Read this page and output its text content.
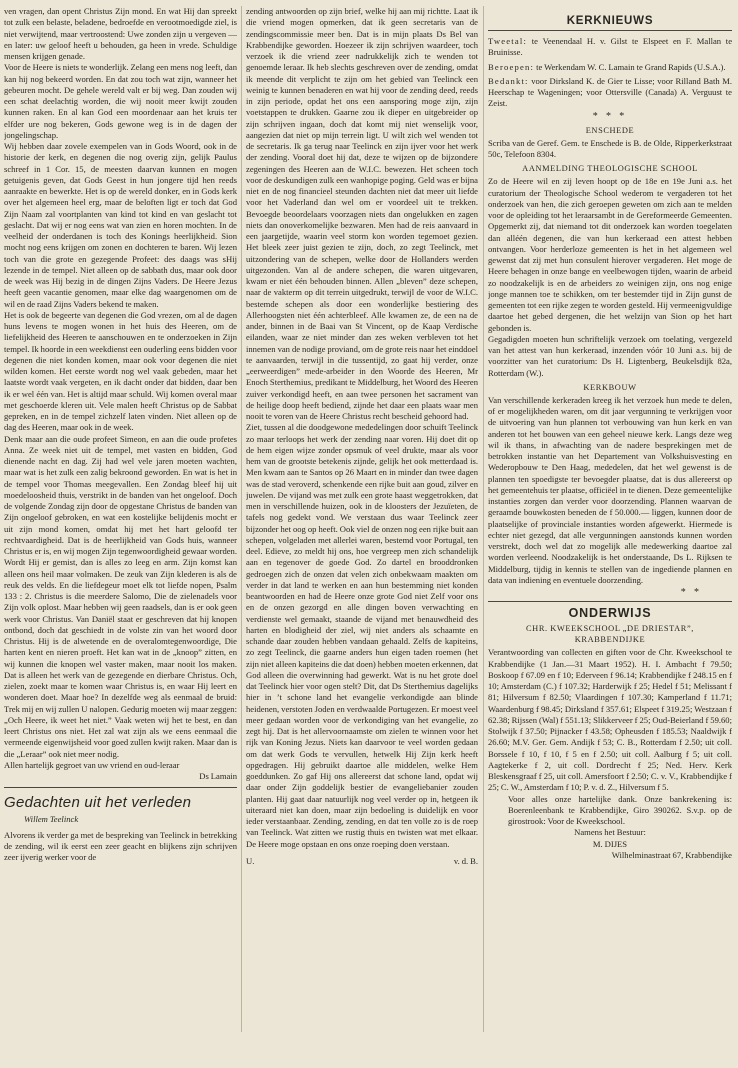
ven vragen, dan opent Christus Zijn mond. En wat Hij dan spreekt tot zulk een belaste, beladene, bedroefde en verootmoedigde ziel, is niet verwijtend, maar vertroostend: Uwe zonden zijn u vergeven — en later: uw geloof heeft u behouden, ga heen in vrede. Schuldige mensen krijgen genade.

Voor de Heere is niets te wonderlijk. Zelang een mens nog leeft, dan kan hij nog bekeerd worden. En dat zou toch wat zijn, wanneer het gebeuren mocht. De gehele wereld valt er bij weg. Dan zouden wij een schat deelachtig worden, die wij nooit meer kwijt zouden kunnen raken. En al kan God een moordenaar aan het kruis ter elfder ure nog bekeren, Gods gewone weg is in de dagen der jongelingschap.

Wij hebben daar zovele exempelen van in Gods Woord, ook in de historie der kerk, en degenen die nog overig zijn, gelijk Paulus schreef in 1 Cor. 15, de meesten daarvan kunnen en mogen getuigenis geven, dat Gods Geest in hun jongere tijd hen reeds aanraakte en bewerkte. Het is op de wereld donker, en in Gods kerk over het algemeen heel erg, maar de beloften ligt er toch dat God Zijn Naam zal voortplanten van kind tot kind en van geslacht tot geslacht. Dat wij er nog eens wat van zien en horen mochten. In de veelheid der onderdanen is toch des Konings heerlijkheid. Sion mocht nog eens krijgen om zonen en dochteren te baren. Wij lezen toch van die grote en gezegende Profeet: des daags was sHij lezende in de tempel. Niet alleen op de sabbath dus, maar ook door de week was Hij bezig in de dingen Zijns Vaders. De Heere Jezus heeft geen vacantie genomen, maar elke dag waargenomen om de wil en de raad Zijns Vaders bekend te maken.

Het is ook de begeerte van degenen die God vrezen, om al de dagen huns levens te mogen wonen in het huis des Heeren, om de liefelijkheid des Heeren te aanschouwen en te onderzoeken in Zijn tempel. Ik hoorde in een weekdienst een ouderling eens bidden voor degenen die niet konden komen, maar ook voor degenen die niet wilden komen. Het eerste wordt nog wel vaak gebeden, maar het laatste wordt vaak vergeten, en ik dacht onder dat bidden, daar ben ik er wel één van. Het is altijd maar schuld. Wij komen overal maar met geschoerde kleren uit. Vele malen heeft Christus op de Sabbat gepreken, en in de tempel zichzelf laten vinden. Niet alleen op de dag des Heeren, maar ook in de week.

Denk maar aan die oude profeet Simeon, en aan die oude profetes Anna. Ze week niet uit de tempel, met vasten en bidden, God dienende nacht en dag. Zij had wel vele jaren moeten wachten, maar wat is het zulk een zalig bekroond geworden. En wat is het in de tempel voor Thomas meegevallen. Een Zondag bleef hij uit moedeloosheid thuis, verstrikt in de banden van het ongeloof. Doch de volgende Zondag zijn door de opgestane Christus de banden van Zijn ongeloof gebroken, en wat een kostelijke belijdenis mocht er uit zijn mond komen, omdat hij met het hart geloofd ter rechtvaardigheid. Dat is de heerlijkheid van Gods huis, wanneer Christus er is, en wij mogen Zijn tegenwoordigheid gewaar worden. Wordt Hij er gemist, dan is alles zo leeg en arm. Zijn komst kan alleen ons heil maar volmaken. De zeuk van Zijn klederen is als de reuk des velds. En die liefdegeur moet elk tot liefde nopen, Psalm 133 : 2. Christus is die meerdere Salomo, Die de zielenadels voor Zijn volk oplost. Maar hebben wij geen raadsels, dan is er ook geen werk voor Christus. Van Daniël staat er geschreven dat hij knopen ontbond, doch dat geschiedt in de volste zin van het woord door Christus. Hij is de alwetende en de overalomtegenwoordige, Die harten kent en nieren proeft. Het kan wat in de „knoop” zitten, en wij kunnen die knopen wel vaster maken, maar nooit los maken. Dat is alleen het werk van de gezegende en dierbare Christus. Och, zielen, zoekt maar te komen waar Christus is, en waar Hij leert en wonderen doet. Maar hoe? In dezelfde weg als eenmaal de bruid: Trek mij en wij zullen U nalopen. Gedurig moeten wij maar zeggen: „Och Heere, ik weet het niet.” Vaak weten wij het te best, en dan leert Christus ons niet. Het zal wat zijn als we eens eenmaal die vermeende eigenwijsheid voor goed zullen kwijt raken. Maar dan is die „Leraar” ook niet meer nodig.

Allen hartelijk gegroet van uw vriend en oud-leraar

Ds Lamain

Gedachten uit het verleden
Willem Teelinck

Alvorens ik verder ga met de bespreking van Teelinck in betrekking de zending, wil ik eerst een zeer geacht en blijkens zijn schrijven zeer ijverig werker voor de

zending antwoorden op zijn brief, welke hij aan mij richtte. Laat ik die vriend mogen opmerken, dat ik geen secretaris van de zendingscommissie meer ben. Dat is in mijn plaats Ds Bel van Krabbendijke geworden. Hoezeer ik zijn schrijven waardeer, toch verzoek ik die vriend zeer nadrukkelijk zich te wenden tot genoemde leraar. Ik heb slechts geschreven over de zending, omdat ik meende dit verplicht te zijn om het gebied van Teelinck een weinig te kunnen benaderen en wat hij voor de zending deed, reeds in zijn periode, opdat het ons een aansporing moge zijn, zijn voetstappen te drukken. Gaarne zou ik dieper en uitgebreider op zijn schrijven ingaan, doch dat komt mij niet wenselijk voor, aangezien dat niet op mijn terrein ligt. U wilt zich wel wenden tot de secretaris. Ik ga terug naar Teelinck en zijn ijver voor het werk der zending. Vooral doet hij dat, deze te wijzen op de bijzondere zegeningen des Heeren aan de W.I.C. bewezen. Het scheen toch voor de deskundigen zulk een wanhopige poging. Geld was er bijna niet en de nog financieel steunden dachten niet dat meer uit liefde voor het Vaderland dan wel om er voordeel uit te trekken. Bevoegde beoordelaars voorzagen niets dan ongelukken en zagen niets dan onoverkomelijke bezwaren. Men had de reis aanvaard in een jaargetijde, waarin veel storm kon worden tegemoet gezien. Het bleek zeer juist gezien te zijn, doch, zo zegt Teelinck, met uitzondering van de schepen, welke door de Hollanders werden uitgezonden. Van al de andere schepen, die waren uitgevaren, kwam er niet één behouden binnen. Allen „bleven” deze schepen, naar de vakterm op dit terrein uitgedrukt, terwijl de voor de W.I.C. bestemde schepen als door een wonderlijke bestiering des Allerhoogsten niet één achterbleef. Alle kwamen ze, de een na de ander, binnen in de Baai van St Vincent, op de Kaap Verdische eilanden, waar ze niet minder dan zes weken verbleven tot het innemen van de nodige proviand, om de grote reis naar het einddoel te aanvaarden, terwijl in die tussentijd, zo gaat hij verder, onze „eerweerdigen” mede-arbeider in den Woorde des Heeren, Mr Enoch Sterthemius, predikant te Middelburg, het Woord des Heeren zuiver verkondigd heeft, en aan twee personen het sacrament van de heilige doop heeft bediend, zijnde het daar een plaats waar men nooit te voren van de Heere Christus recht bescheid gehoord had.

Ziet, tussen al die doodgewone mededelingen door schuift Teelinck zo maar terloops het werk der zending naar voren. Hij doet dit op de hem eigen wijze zonder opsmuk of veel drukte, maar als voor hem van de grootste betekenis zijnde, gelijk het ook metterdaad is. Men kwam aan te Santos op 26 Maart en in minder dan twee dagen was de stad veroverd, schenkende een rijke buit aan goud, zilver en juwelen. De vijand was met zulk een grote haast weggetrokken, dat men in verschillende huizen, ook in de kloosters der Jezuïeten, de tafels nog gedekt vond. We verstaan dus waar Teelinck zeer bijzonder het oog op heeft. Ook viel de onzen nog een rijke buit aan schepen, volgeladen met allerlei waren, bestemd voor Portugal, ten deel. Edieve, zo meldt hij ons, hoe vergreep men zich schandelijk aan en tegenover de goede God. Zo dartel en brooddronken gedroegen zich de onzen dat velen zich onbekwaam maakten om verder in dat land te werken en aan hun bestemming niet konden beantwoorden en had de Heere onze grote God niet Zelf voor ons en de onzen gezorgd en alle dingen boven verwachting en verdienste wel gemaakt, staande de vijand met benauwdheid des harten en blodigheid der ziel, wij niet anders als schaamte en schande daar zouden hebben vandaan gehaald. Zelfs de kapiteins, zo zegt Teelinck, die gaarne anders hun eigen taden roemen (het zijn niet alleen kapiteins die dat doen) hebben moeten erkennen, dat God alleen die overwinning had gewerkt. Wat is nu het grote doel dat Teelinck hier voor ogen stelt? Dit, dat Ds Sterthemius dagelijks hier in ’t schone land het evangelie verkondigde aan blinde heidenen, verstoten Joden en verdwaalde Portugezen. Er moest veel meer gedaan worden voor de verkondiging van het evangelie, zo zegt hij. Dat is het allervoornaamste om zielen te winnen voor het rijk van Koning Jezus. Niets kan daarvoor te veel worden gedaan om dat werk Gods te vervullen, hetwelk Hij Zijn kerk heeft opgedragen. Hij gebruikt daartoe alle middelen, welke Hem goeddunken. Zo gaf Hij ons allereerst dat schone land, opdat wij daar onder Zijn goddelijk bestier de evangeliebanier zouden planten. Hij gaat daar natuurlijk nog veel verder op in, hetgeen ik uiteraard niet kan doen, maar zijn bedoeling is duidelijk en voor ieder verstaanbaar. Zending, zending, en dat ten volle zo is de roep van Teelinck. Wat zitten we rustig thuis en twisten wat met elkaar. De Heere moge opstaan en ons onze roeping doen verstaan.

U.	v. d. B.
KERKNIEUWS

Tweetal: te Veenendaal H. v. Gilst te Elspeet en F. Mallan te Bruinisse.

Beroepen: te Werkendam W. C. Lamain te Grand Rapids (U.S.A.).

Bedankt: voor Dirksland K. de Gier te Lisse; voor Rilland Bath M. Heerschap te Wageningen; voor Ottersville (Canada) A. Verguust te Zeist.

* * *
ENSCHEDE

Scriba van de Geref. Gem. te Enschede is B. de Olde, Ripperkerkstraat 50c, Telefoon 8304.

AANMELDING THEOLOGISCHE SCHOOL

Zo de Heere wil en zij leven hoopt op de 18e en 19e Juni a.s. het curatorium der Theologische School wederom te vergaderen tot het onderzoek van hen, die zich geroepen geweten om zich aan te melden voor de opleiding tot het leraarsambt in de Gereformeerde Gemeenten. Opgemerkt zij, dat niemand tot dit onderzoek kan worden toegelaten dan alléén degenen, die van hun kerkeraad een attest hebben ontvangen. Voor herderloze gemeenten is het in het algemeen wel gewenst dat zij met hun consulent hierover vergaderen. Het moge de Heere behagen in onze bange en veelbewogen tijden, waarin de arbeid zo noodzakelijk is en de arbeiders zo weinigen zijn, ons nog enige jonge mannen toe te schikken, om ter bestemder tijd in Zijn gunst de gemeenten tot een rijke zegen te worden gesteld. Hij vermeenigvuldige daartoe het gebed dergenen, die het welzijn van Sion op het hart gebonden is.

Gegadigden moeten hun schriftelijk verzoek om toelating, vergezeld van het attest van hun kerkeraad, inzenden vóór 10 Juni a.s. bij de voorzitter van het curatorium: Ds H. Ligtenberg, Beukelsdijk 82a, Rotterdam (W.).

KERKBOUW

Van verschillende kerkeraden kreeg ik het verzoek hun mede te delen, of er mogelijkheden waren, om dit jaar vergunning te verkrijgen voor de uitvoering van hun plannen tot verbouwing van hun kerk en van anderen tot het bouwen van een geheel nieuwe kerk. Langs deze weg wil ik thans, in afwachting van de nadere besprekingen met de betrokken instantie van het Departement van Volkshuisvesting en Wederopbouw te Den Haag, mededelen, dat het wel gewenst is de plannen ten spoedigste ter bevoegder plaatse, dat is dus allereerst op het gemeentehuis ter plaatse, officiëel in te dienen. Deze gemeentelijke instanties zorgen dan verder voor doorzending. Plannen waarvan de geraamde bouwkosten beneden de f 50.000.— liggen, kunnen door de plaatselijke of provinciale instanties worden afgewerkt. Hiermede is echter niet gezegd, dat alle vergunningen aanstonds kunnen worden verstrekt, doch wel dat zo mogelijk alle medewerking daartoe zal worden verleend. Noodzakelijk is het onderstaande, Ds L. Rijksen te Middelburg, tijdig in kennis te stellen van de ingediende plannen en data van indiening en eventuele doorzending.

* *
ONDERWIJS
CHR. KWEEKSCHOOL „DE DRIESTAR”,
KRABBENDIJKE

Verantwoording van collecten en giften voor de Chr. Kweekschool te Krabbendijke (1 Jan.—31 Maart 1952). H. I. Ambacht f 79.50; Boskoop f 67.09 en f 10; Ederveen f 96.14; Krabbendijke f 248.15 en f 10; Amsterdam (C.) f 107.32; Harderwijk f 25; Hedel f 51; Melissant f 81; Hilversum f 82.50; Vlaardingen f 107.30; Kamperland f 11.71; Waardenburg f 98.45; Dirksland f 357.61; Elspeet f 319.25; Westzaan f 62.38; Rijssen (Wal) f 551.13; Slikkerveer f 25; Oud-Beierland f 59.60; Stolwijk f 37.50; Pijnacker f 43.58; Opheusden f 185.53; Naaldwijk f 26.60; M.V. Ger. Gem. Andijk f 53; C. B., Rotterdam f 2.50; uit coll. Borssele f 10, f 10, f 5 en f 2.50; uit coll. Aalburg f 5; uit coll. Aagtekerke f 2, uit coll. Dordrecht f 25; Ned. Herv. Kerk Bleskensgraaf f 25, uit coll. Amersfoort f 2.50; C. v. V., Krabbendijke f 25; C. W., Amsterdam f 10; P. v. d. Z., Hilversum f 5.

Voor alles onze hartelijke dank. Onze bankrekening is: Boerenleenbank te Krabbendijke, Giro 390262. S.v.p. op de girostrook: Voor de Kweekschool.

Namens het Bestuur:

M. DIJES

Wilhelminastraat 67, Krabbendijke
